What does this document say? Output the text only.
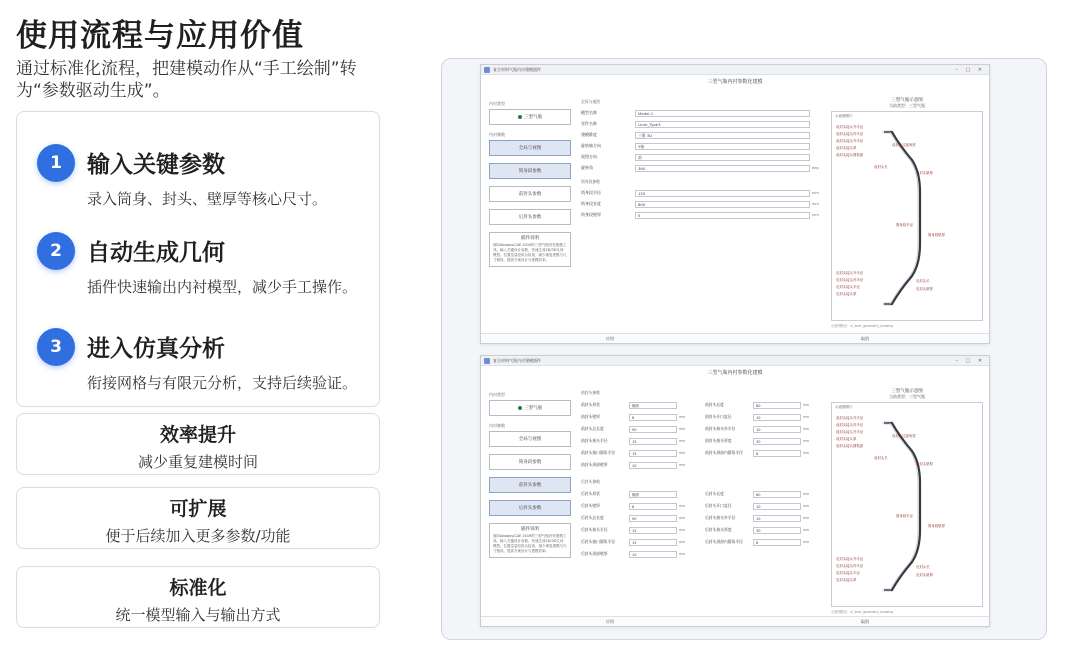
使用流程与应用价值
通过标准化流程，把建模动作从“手工绘制”转为“参数驱动生成”。
1	输入关键参数
录入筒身、封头、壁厚等核心尺寸。
2	自动生成几何
插件快速输出内衬模型，减少手工操作。
3	进入仿真分析
衔接网格与有限元分析，支持后续验证。
效率提升
减少重复建模时间
可扩展
便于后续加入更多参数/功能
标准化
统一模型输入与输出方式
复合材料气瓶内衬建模插件	– ▢ ✕
三型气瓶内衬参数化建模
内衬类型
三型气瓶
内衬参数
全局与视图
筒身段参数
前封头参数
后封头参数
插件说明
面向Abaqus/CAE 2019的三型气瓶内衬建模工具。输入关键设计参数，快速生成2D/3D几何模型。位置变量经拟合检查，减少重复建模与尺寸错误，提高方案设计与建模效率。
全局与视图
模型名称	Model-1
零件名称	Liner_Type3
建模维度	三维 3D
旋转轴方向	Y轴
视图方向	前
旋转角	360	deg
筒身段参数
筒身段半径	150	mm
筒身段长度	800	mm
筒身段壁厚	5	mm
三型气瓶示意图
当前类型：三型气瓶
示意图图片
前封头接头外半径
前封头接头内半径
前封头接头外平径
前封头接头厚
前封头接头圆弧面
前封头过渡角度
前封头长
前封头壁厚
筒身段半径
筒身段壁厚
后封头接头外半径
后封头接头内半径
后封头接头半径
后封头接头厚
后封头长
后封头壁厚
示意图路径：ui_liner_geometry_drawing
应用	取消
复合材料气瓶内衬建模插件	– ▢ ✕
三型气瓶内衬参数化建模
内衬类型
三型气瓶
内衬参数
全局与视图
筒身段参数
前封头参数
后封头参数
插件说明
面向Abaqus/CAE 2019的三型气瓶内衬建模工具。输入关键设计参数，快速生成2D/3D几何模型。位置变量经拟合检查，减少重复建模与尺寸错误，提高方案设计与建模效率。
前封头参数
前封头形状	椭圆
前封头壁厚	8	mm
前封头总长度	90	mm
前封头接头半径	15	mm
前封头接口圆角半径	15	mm
前封头颈部壁厚	10	mm
前封头长度	80	mm
前封头开口直径	10	mm
前封头接头外半径	10	mm
前封头接头厚度	30	mm
前封头颈部内圆角半径	8	mm
后封头参数
后封头形状	椭圆
后封头壁厚	8	mm
后封头总长度	90	mm
后封头接头半径	15	mm
后封头接口圆角半径	15	mm
后封头颈部壁厚	10	mm
后封头长度	80	mm
后封头开口直径	10	mm
后封头接头外半径	10	mm
后封头接头厚度	30	mm
后封头颈部内圆角半径	8	mm
三型气瓶示意图
当前类型：三型气瓶
示意图图片
前封头接头外半径
前封头接头内半径
前封头接头外平径
前封头接头厚
前封头接头圆弧面
前封头过渡角度
前封头长
前封头壁厚
筒身段半径
筒身段壁厚
后封头接头外半径
后封头接头内半径
后封头接头半径
后封头接头厚
后封头长
后封头壁厚
示意图路径：ui_liner_geometry_drawing
应用	取消
